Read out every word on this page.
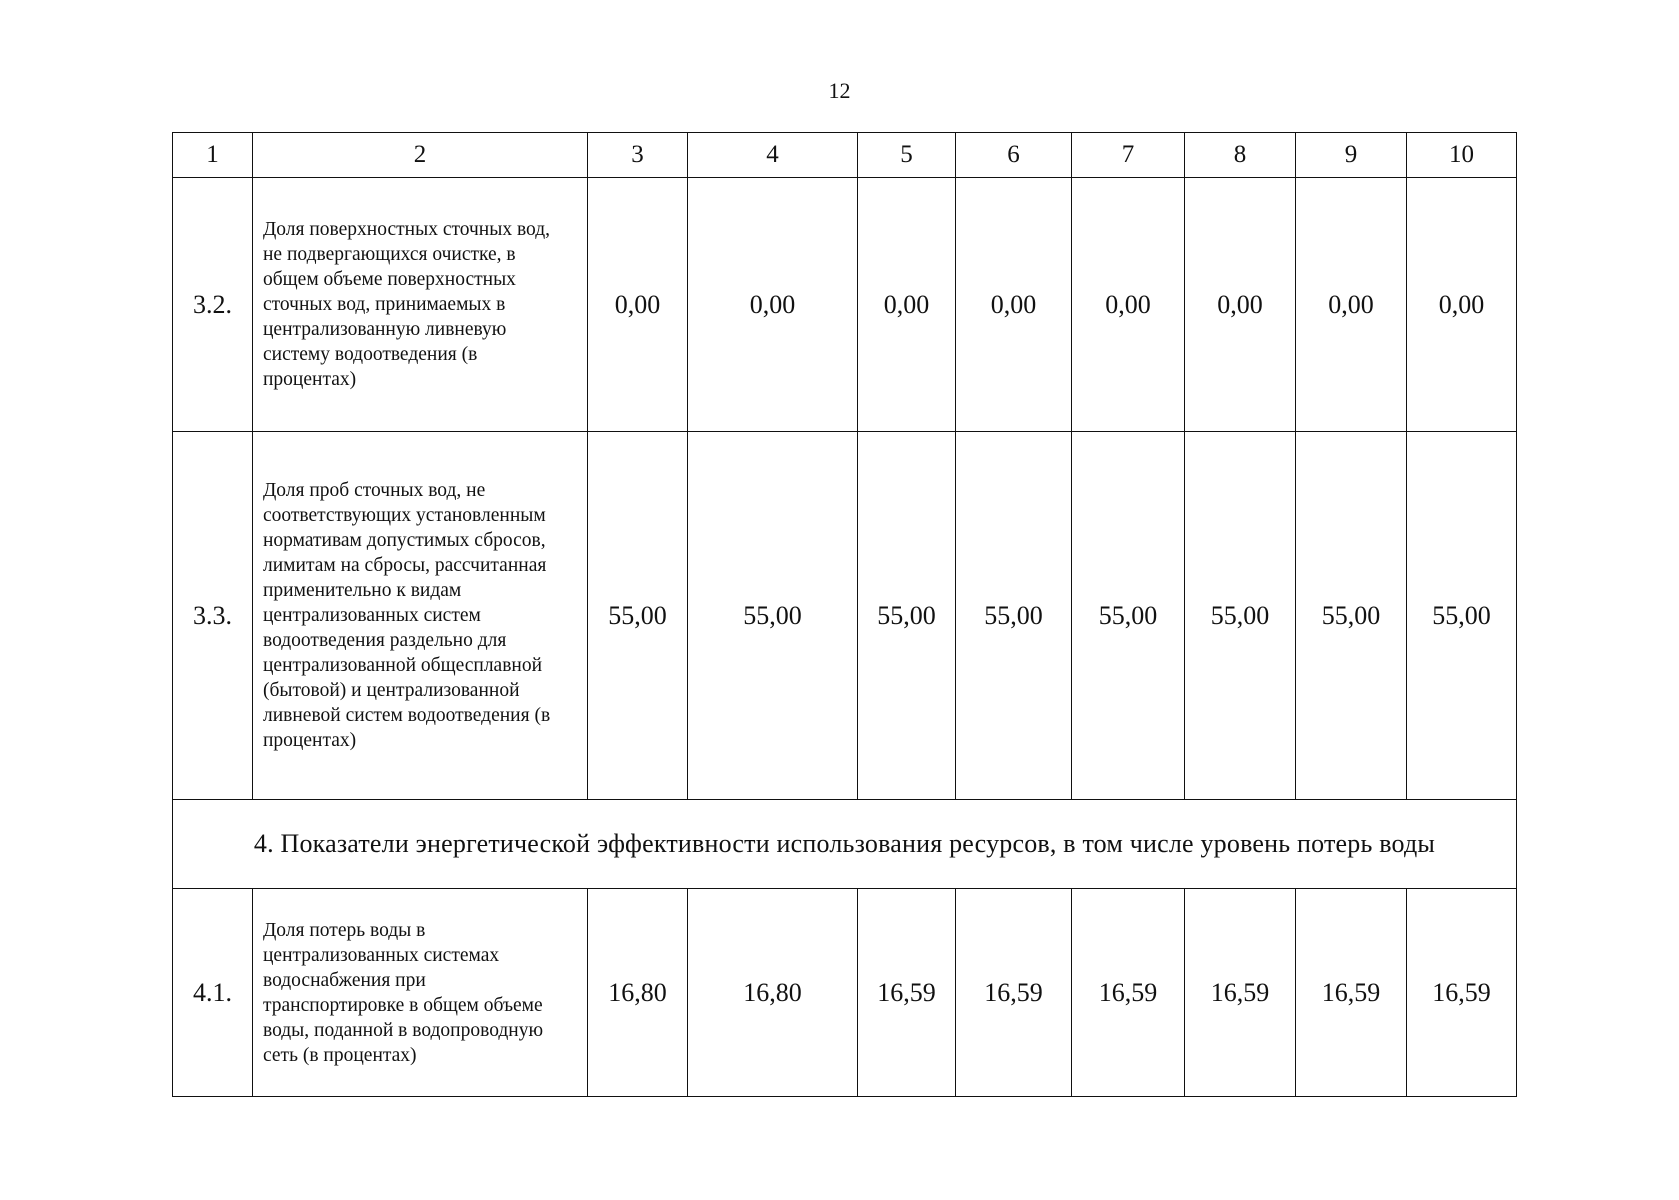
12
1	2	3	4	5	6	7	8	9	10
3.2.	Доля поверхностных сточных вод, не подвергающихся очистке, в общем объеме поверхностных сточных вод, принимаемых в централизованную ливневую систему водоотведения (в процентах)	0,00	0,00	0,00	0,00	0,00	0,00	0,00	0,00
3.3.	Доля проб сточных вод, не соответствующих установленным нормативам допустимых сбросов, лимитам на сбросы, рассчитанная применительно к видам централизованных систем водоотведения раздельно для централизованной общесплавной (бытовой) и централизованной ливневой систем водоотведения (в процентах)	55,00	55,00	55,00	55,00	55,00	55,00	55,00	55,00
4. Показатели энергетической эффективности использования ресурсов, в том числе уровень потерь воды									
4.1.	Доля потерь воды в централизованных системах водоснабжения при транспортировке в общем объеме воды, поданной в водопроводную сеть (в процентах)	16,80	16,80	16,59	16,59	16,59	16,59	16,59	16,59
